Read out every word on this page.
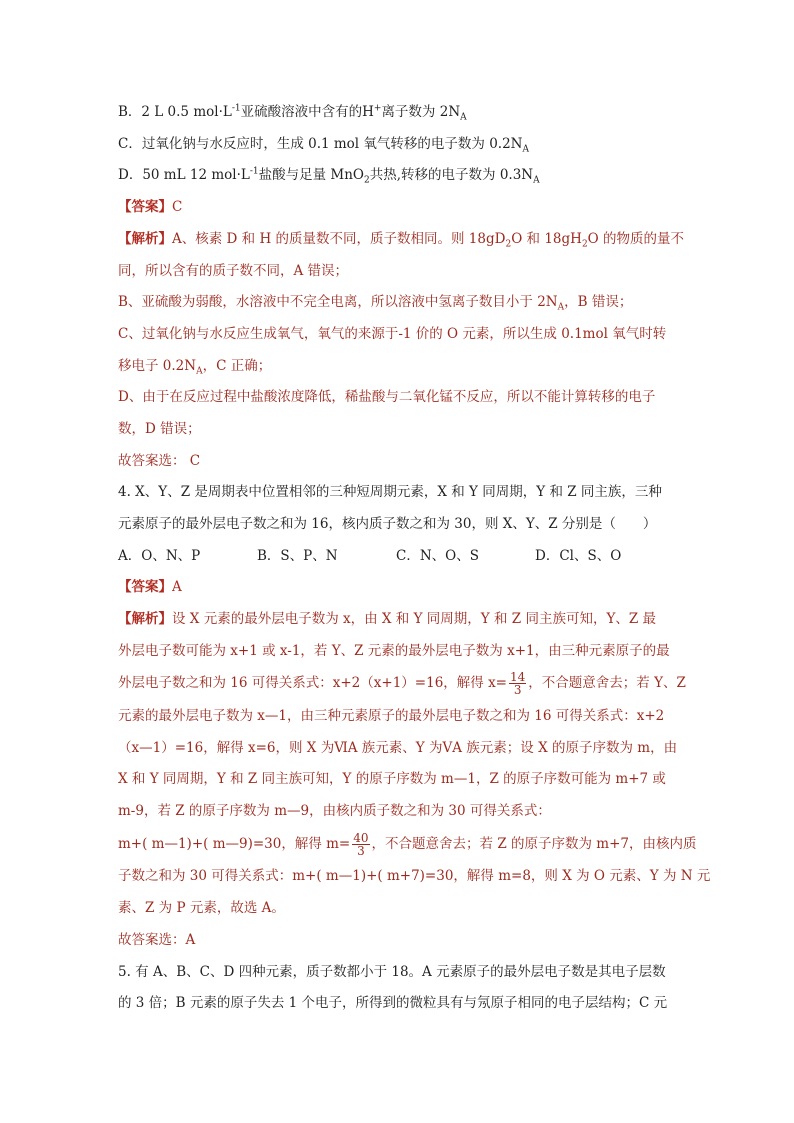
B．2 L 0.5 $mol\cdot L^{-1}$亚硫酸溶液中含有的H+离子数为 $2N_A$
C．过氧化钠与水反应时，生成 0.1 mol 氧气转移的电子数为 $0.2N_A$
D．50 mL 12 $mol\cdot L^{-1}$盐酸与足量 MnO$_2$共热,转移的电子数为 $0.3N_A$
【答案】C
【解析】A、核素 D 和 H 的质量数不同，质子数相同。则 $18gD_2O$ 和 $18gH_2O$ 的物质的量不
同，所以含有的质子数不同，A 错误；
B、亚硫酸为弱酸，水溶液中不完全电离，所以溶液中氢离子数目小于 $2N_A$，B 错误；
C、过氧化钠与水反应生成氧气，氧气的来源于-1 价的 O 元素，所以生成 0.1mol 氧气时转
移电子 $0.2N_A$，C 正确；
D、由于在反应过程中盐酸浓度降低，稀盐酸与二氧化锰不反应，所以不能计算转移的电子
数，D 错误；
故答案选： C
4. X、Y、Z 是周期表中位置相邻的三种短周期元素，X 和 Y 同周期，Y 和 Z 同主族，三种
元素原子的最外层电子数之和为 16，核内质子数之和为 30，则 X、Y、Z 分别是（　　）
A．O、N、P	B．S、P、N	C．N、O、S	D．Cl、S、O
【答案】A
【解析】设 X 元素的最外层电子数为 x，由 X 和 Y 同周期，Y 和 Z 同主族可知，Y、Z 最
外层电子数可能为 x+1 或 x-1，若 Y、Z 元素的最外层电子数为 x+1，由三种元素原子的最
外层电子数之和为 16 可得关系式：x+2（x+1）=16，解得 $x= \frac{14}{3}$ ，不合题意舍去；若 Y、Z
元素的最外层电子数为 x—1，由三种元素原子的最外层电子数之和为 16 可得关系式：x+2
（x—1）=16，解得 x=6，则 X 为ⅥA 族元素、Y 为ⅤA 族元素；设 X 的原子序数为 m，由
X 和 Y 同周期，Y 和 Z 同主族可知，Y 的原子序数为 m—1，Z 的原子序数可能为 m+7 或
m-9，若 Z 的原子序数为 m—9，由核内质子数之和为 30 可得关系式：
m+( m—1)+( m—9)=30，解得 $m= \frac{40}{3}$ ，不合题意舍去；若 Z 的原子序数为 m+7，由核内质
子数之和为 30 可得关系式：m+( m—1)+( m+7)=30，解得 m=8，则 X 为 O 元素、Y 为 N 元
素、Z 为 P 元素，故选 A。
故答案选：A
5. 有 A、B、C、D 四种元素，质子数都小于 18。A 元素原子的最外层电子数是其电子层数
的 3 倍；B 元素的原子失去 1 个电子，所得到的微粒具有与氖原子相同的电子层结构；C 元
